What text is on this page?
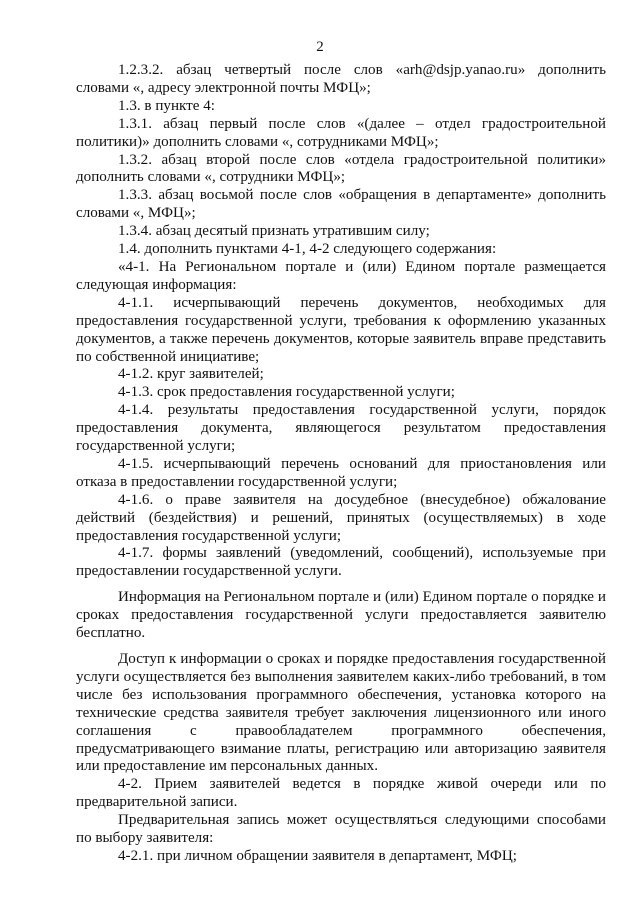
2

1.2.3.2. абзац четвертый после слов «arh@dsjp.yanao.ru» дополнить словами «, адресу электронной почты МФЦ»;

1.3. в пункте 4:

1.3.1. абзац первый после слов «(далее – отдел градостроительной политики)» дополнить словами «, сотрудниками МФЦ»;

1.3.2. абзац второй после слов «отдела градостроительной политики» дополнить словами «, сотрудники МФЦ»;

1.3.3. абзац восьмой после слов «обращения в департаменте» дополнить словами «, МФЦ»;

1.3.4. абзац десятый признать утратившим силу;

1.4. дополнить пунктами 4-1, 4-2 следующего содержания:

«4-1. На Региональном портале и (или) Едином портале размещается следующая информация:

4-1.1. исчерпывающий перечень документов, необходимых для предоставления государственной услуги, требования к оформлению указанных документов, а также перечень документов, которые заявитель вправе представить по собственной инициативе;

4-1.2. круг заявителей;

4-1.3. срок предоставления государственной услуги;

4-1.4. результаты предоставления государственной услуги, порядок предоставления документа, являющегося результатом предоставления государственной услуги;

4-1.5. исчерпывающий перечень оснований для приостановления или отказа в предоставлении государственной услуги;

4-1.6. о праве заявителя на досудебное (внесудебное) обжалование действий (бездействия) и решений, принятых (осуществляемых) в ходе предоставления государственной услуги;

4-1.7. формы заявлений (уведомлений, сообщений), используемые при предоставлении государственной услуги.

Информация на Региональном портале и (или) Едином портале о порядке и сроках предоставления государственной услуги предоставляется заявителю бесплатно.

Доступ к информации о сроках и порядке предоставления государственной услуги осуществляется без выполнения заявителем каких-либо требований, в том числе без использования программного обеспечения, установка которого на технические средства заявителя требует заключения лицензионного или иного соглашения с правообладателем программного обеспечения, предусматривающего взимание платы, регистрацию или авторизацию заявителя или предоставление им персональных данных.

4-2. Прием заявителей ведется в порядке живой очереди или по предварительной записи.

Предварительная запись может осуществляться следующими способами по выбору заявителя:

4-2.1. при личном обращении заявителя в департамент, МФЦ;
